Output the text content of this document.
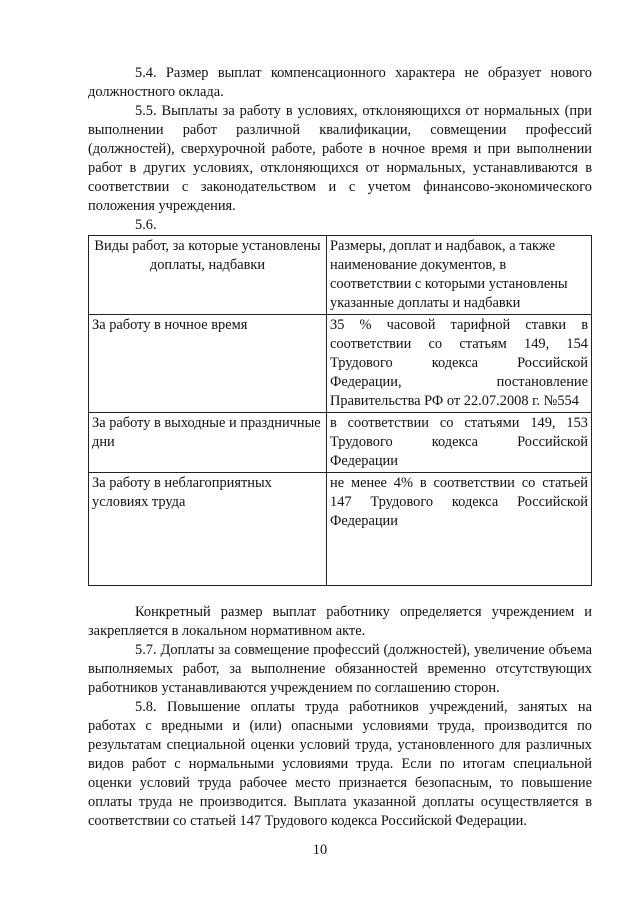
5.4. Размер выплат компенсационного характера не образует нового должностного оклада.

5.5. Выплаты за работу в условиях, отклоняющихся от нормальных (при выполнении работ различной квалификации, совмещении профессий (должностей), сверхурочной работе, работе в ночное время и при выполнении работ в других условиях, отклоняющихся от нормальных, устанавливаются в соответствии с законодательством и с учетом финансово-экономического положения учреждения.

5.6.
Виды работ, за которые установлены доплаты, надбавки	Размеры, доплат и надбавок, а также наименование документов, в соответствии с которыми установлены указанные доплаты и надбавки
За работу в ночное время	35 % часовой тарифной ставки в соответствии со статьям 149, 154 Трудового кодекса Российской Федерации, постановление Правительства РФ от 22.07.2008 г. №554
За работу в выходные и праздничные дни	в соответствии со статьями 149, 153 Трудового кодекса Российской Федерации
За работу в неблагоприятных условиях труда	не менее 4% в соответствии со статьей 147 Трудового кодекса Российской Федерации

Конкретный размер выплат работнику определяется учреждением и закрепляется в локальном нормативном акте.

5.7. Доплаты за совмещение профессий (должностей), увеличение объема выполняемых работ, за выполнение обязанностей временно отсутствующих работников устанавливаются учреждением по соглашению сторон.

5.8. Повышение оплаты труда работников учреждений, занятых на работах с вредными и (или) опасными условиями труда, производится по результатам специальной оценки условий труда, установленного для различных видов работ с нормальными условиями труда. Если по итогам специальной оценки условий труда рабочее место признается безопасным, то повышение оплаты труда не производится. Выплата указанной доплаты осуществляется в соответствии со статьей 147 Трудового кодекса Российской Федерации.

10
